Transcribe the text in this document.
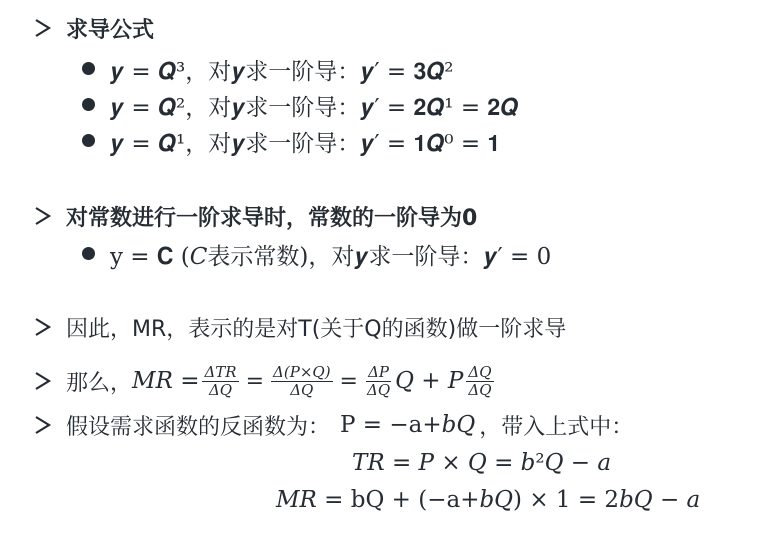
求导公式
𝒚 = 𝑸³，对𝒚求一阶导：𝒚′ = 𝟑𝑸²
𝒚 = 𝑸²，对𝒚求一阶导：𝒚′ = 𝟐𝑸¹ = 𝟐𝑸
𝒚 = 𝑸¹，对𝒚求一阶导：𝒚′ = 𝟏𝑸⁰ = 𝟏
对常数进行一阶求导时，常数的一阶导为0
y = 𝐂 (𝐶表示常数)，对𝒚求一阶导：𝒚′ = 0
因此，MR，表示的是对T(关于Q的函数)做一阶求导
那么， 𝑀𝑅 = $\frac{\text{Δ𝑇𝑅}}{\text{Δ𝑄}} = \frac{\text{Δ(𝑃×𝑄)}}{\text{Δ𝑄}} = \frac{\text{Δ𝑃}}{\text{Δ𝑄}}$ 𝑄 + 𝑃 $\frac{\text{Δ𝑄}}{\text{Δ𝑄}}$
假设需求函数的反函数为： P = −a+𝑏𝑄 ，带入上式中：
𝑇𝑅 = 𝑃 × 𝑄 = 𝑏²𝑄 − 𝑎
𝑀𝑅 = bQ + (−a+𝑏𝑄) × 1 = 2𝑏𝑄 − 𝑎
